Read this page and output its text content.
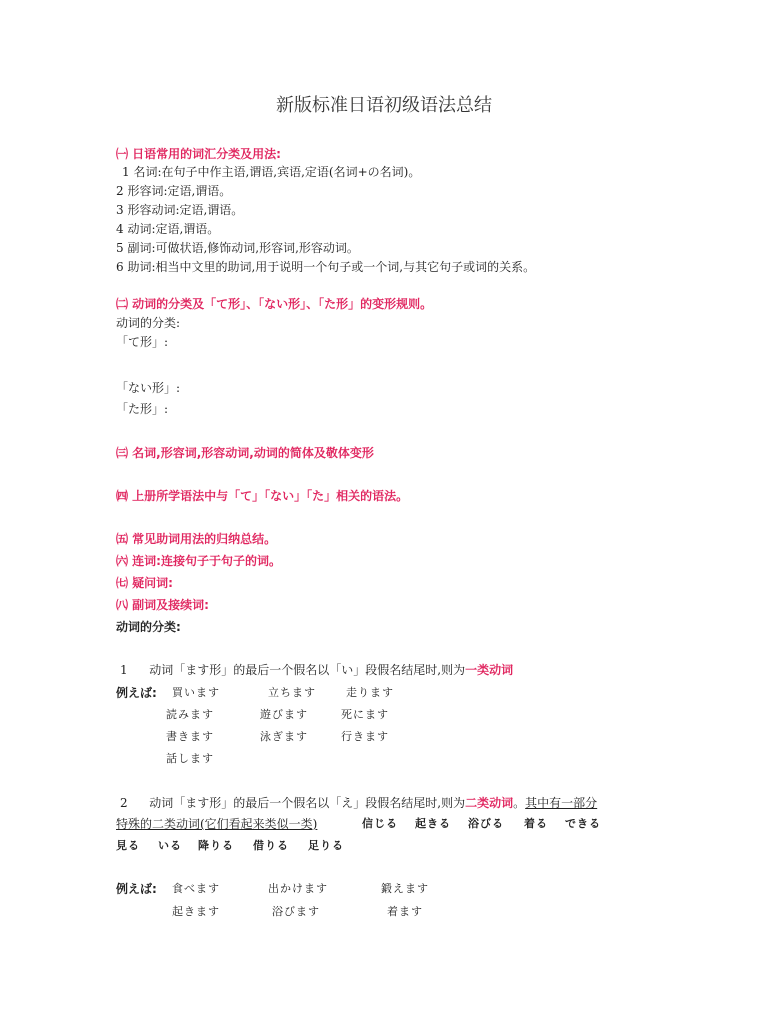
新版标准日语初级语法总结
㈠ 日语常用的词汇分类及用法:
1 名词:在句子中作主语,谓语,宾语,定语(名词+の名词)。
2 形容词:定语,谓语。
3 形容动词:定语,谓语。
4 动词:定语,谓语。
5 副词:可做状语,修饰动词,形容词,形容动词。
6 助词:相当中文里的助词,用于说明一个句子或一个词,与其它句子或词的关系。
㈡ 动词的分类及「て形」、「ない形」、「た形」的变形规则。
动词的分类:
「て形」:
「ない形」:
「た形」:
㈢ 名词,形容词,形容动词,动词的简体及敬体变形
㈣ 上册所学语法中与「て」「ない」「た」相关的语法。
㈤ 常见助词用法的归纳总结。
㈥ 连词:连接句子于句子的词。
㈦ 疑问词:
㈧ 副词及接续词:
动词的分类:
1 动词「ます形」的最后一个假名以「い」段假名结尾时,则为一类动词
例えば: 買います	立ちます	走ります
読みます	遊びます	死にます
書きます	泳ぎます	行きます
話します
2 动词「ます形」的最后一个假名以「え」段假名结尾时,则为二类动词。其中有一部分
特殊的二类动词(它们看起来类似一类)	信じる 起きる 浴びる 着る できる
見る いる 降りる 借りる 足りる
例えば: 食べます	出かけます	鍛えます
起きます	浴びます	着ます
